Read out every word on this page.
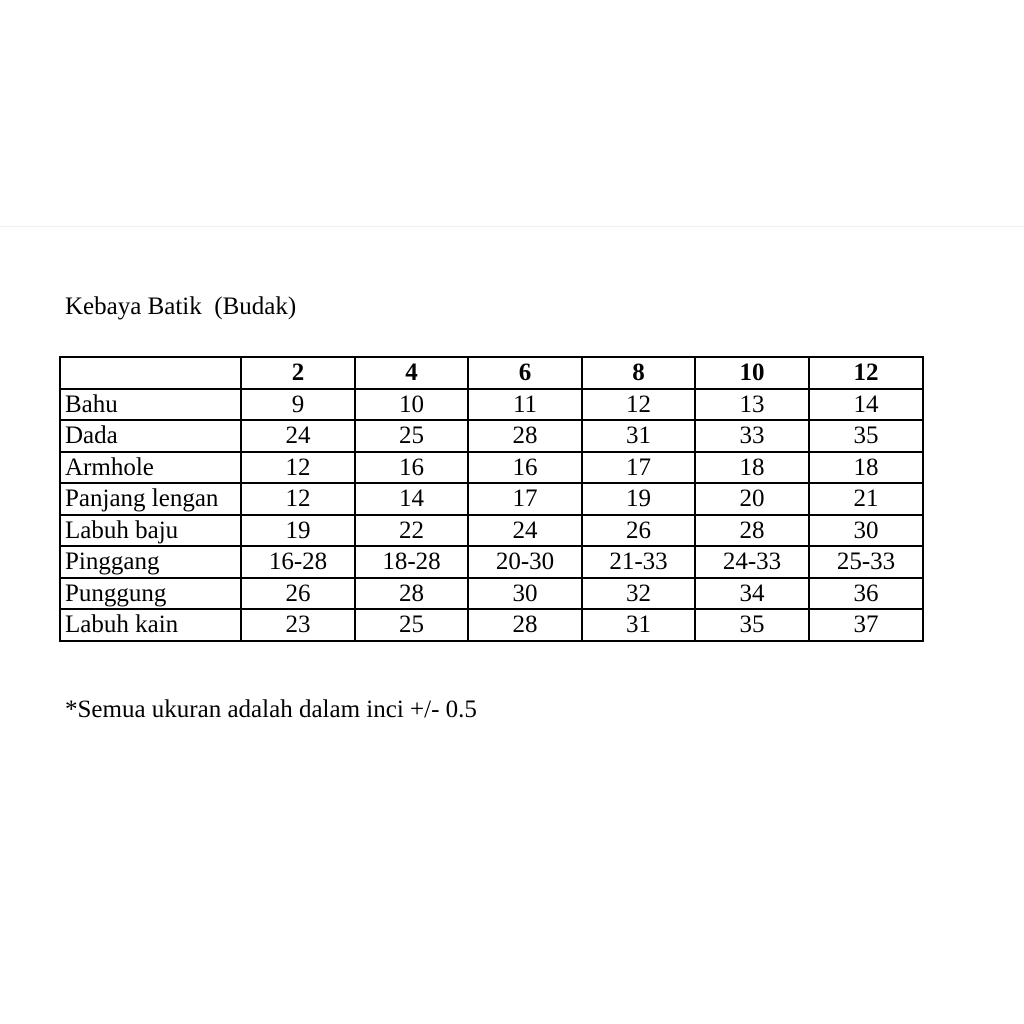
Kebaya Batik  (Budak)
	2	4	6	8	10	12
Bahu	9	10	11	12	13	14
Dada	24	25	28	31	33	35
Armhole	12	16	16	17	18	18
Panjang lengan	12	14	17	19	20	21
Labuh baju	19	22	24	26	28	30
Pinggang	16-28	18-28	20-30	21-33	24-33	25-33
Punggung	26	28	30	32	34	36
Labuh kain	23	25	28	31	35	37
*Semua ukuran adalah dalam inci +/- 0.5
